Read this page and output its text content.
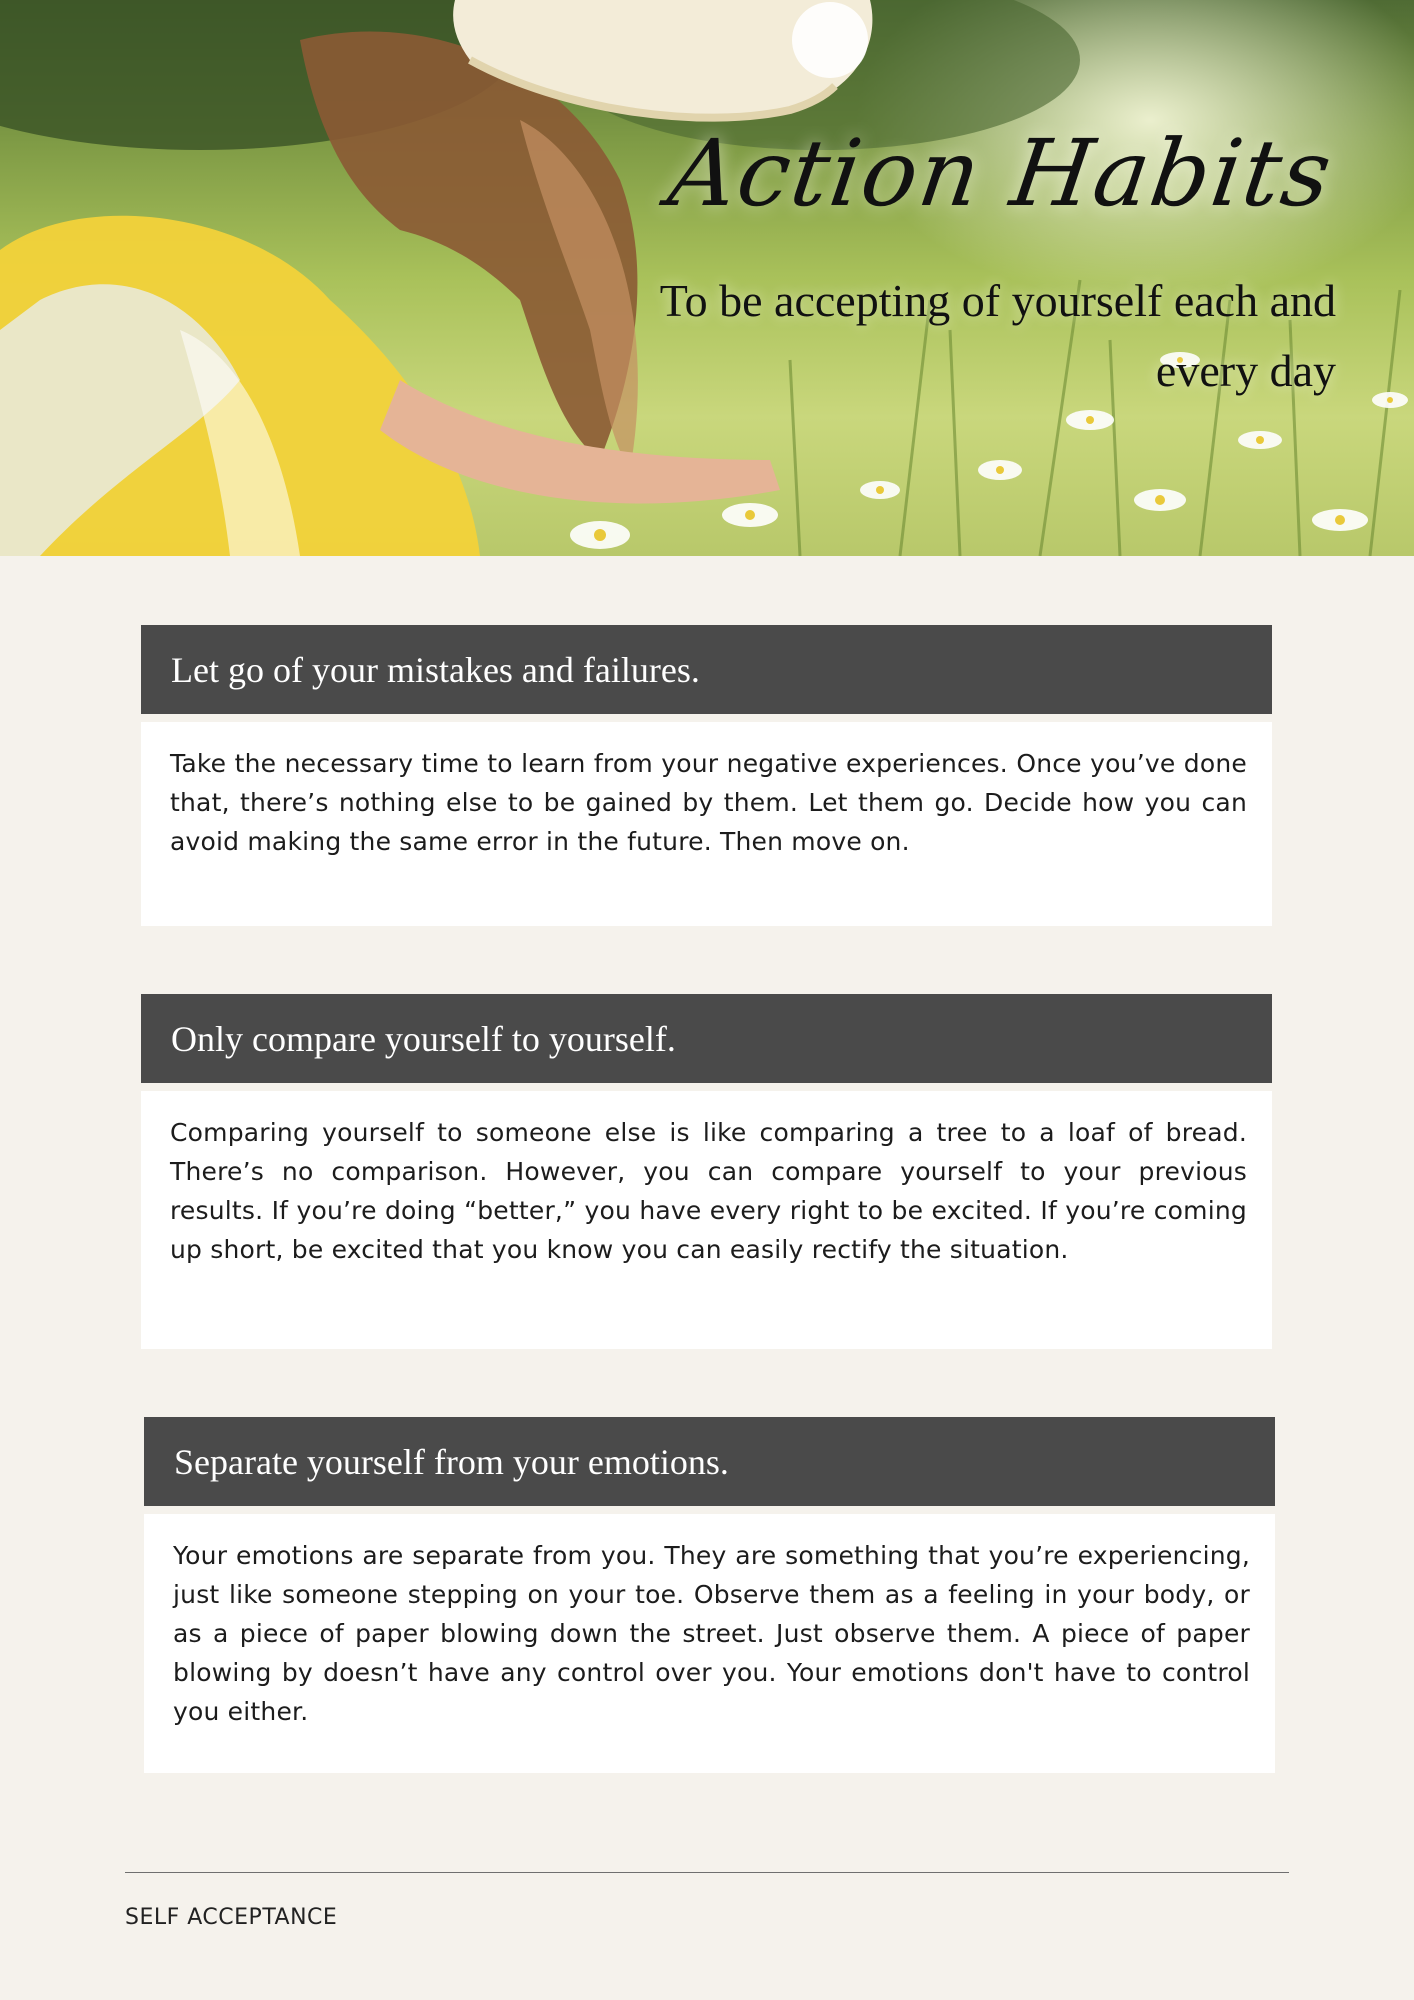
Action Habits
To be accepting of yourself each and every day
Let go of your mistakes and failures.
Take the necessary time to learn from your negative experiences. Once you’ve done that, there’s nothing else to be gained by them. Let them go. Decide how you can avoid making the same error in the future. Then move on.
Only compare yourself to yourself.
Comparing yourself to someone else is like comparing a tree to a loaf of bread. There’s no comparison. However, you can compare yourself to your previous results. If you’re doing “better,” you have every right to be excited. If you’re coming up short, be excited that you know you can easily rectify the situation.
Separate yourself from your emotions.
Your emotions are separate from you. They are something that you’re experiencing, just like someone stepping on your toe. Observe them as a feeling in your body, or as a piece of paper blowing down the street. Just observe them. A piece of paper blowing by doesn’t have any control over you. Your emotions don't have to control you either.
SELF ACCEPTANCE
